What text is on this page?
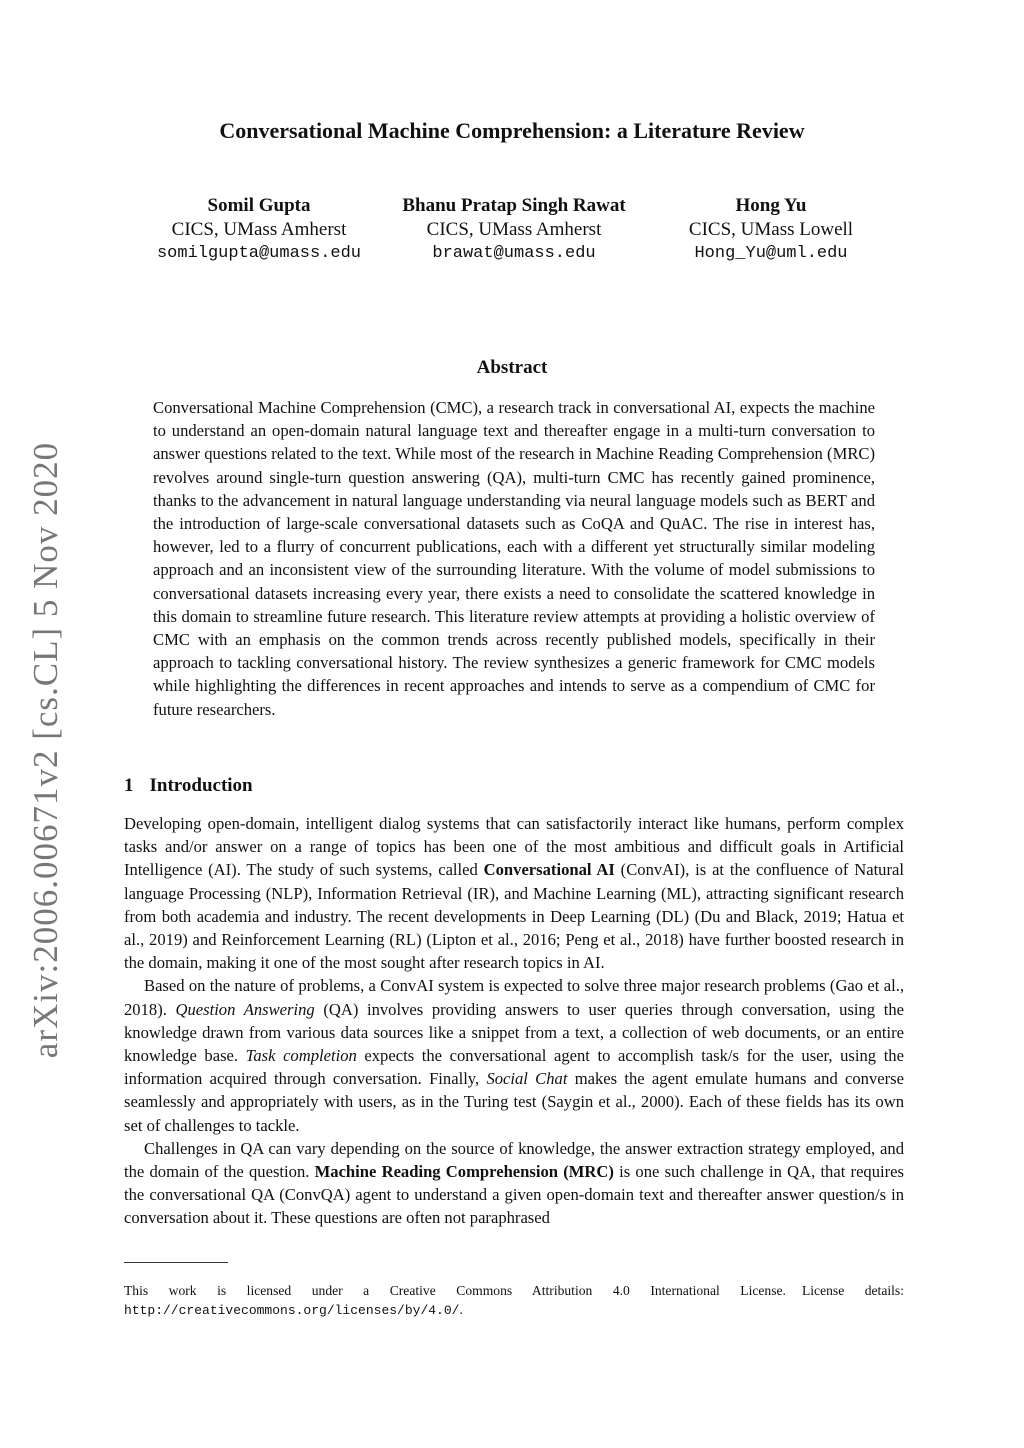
arXiv:2006.00671v2 [cs.CL] 5 Nov 2020
Conversational Machine Comprehension: a Literature Review
Somil Gupta
CICS, UMass Amherst
somilgupta@umass.edu
Bhanu Pratap Singh Rawat
CICS, UMass Amherst
brawat@umass.edu
Hong Yu
CICS, UMass Lowell
Hong_Yu@uml.edu
Abstract

Conversational Machine Comprehension (CMC), a research track in conversational AI, expects the machine to understand an open-domain natural language text and thereafter engage in a multi-turn conversation to answer questions related to the text. While most of the research in Machine Reading Comprehension (MRC) revolves around single-turn question answering (QA), multi-turn CMC has recently gained prominence, thanks to the advancement in natural language understanding via neural language models such as BERT and the introduction of large-scale conversational datasets such as CoQA and QuAC. The rise in interest has, however, led to a flurry of concurrent publications, each with a different yet structurally similar modeling approach and an inconsistent view of the surrounding literature. With the volume of model submissions to conversational datasets increasing every year, there exists a need to consolidate the scattered knowledge in this domain to streamline future research. This literature review attempts at providing a holistic overview of CMC with an emphasis on the common trends across recently published models, specifically in their approach to tackling conversational history. The review synthesizes a generic framework for CMC models while highlighting the differences in recent approaches and intends to serve as a compendium of CMC for future researchers.

1 Introduction

Developing open-domain, intelligent dialog systems that can satisfactorily interact like humans, perform complex tasks and/or answer on a range of topics has been one of the most ambitious and difficult goals in Artificial Intelligence (AI). The study of such systems, called Conversational AI (ConvAI), is at the confluence of Natural language Processing (NLP), Information Retrieval (IR), and Machine Learning (ML), attracting significant research from both academia and industry. The recent developments in Deep Learning (DL) (Du and Black, 2019; Hatua et al., 2019) and Reinforcement Learning (RL) (Lipton et al., 2016; Peng et al., 2018) have further boosted research in the domain, making it one of the most sought after research topics in AI.

Based on the nature of problems, a ConvAI system is expected to solve three major research problems (Gao et al., 2018). Question Answering (QA) involves providing answers to user queries through conversation, using the knowledge drawn from various data sources like a snippet from a text, a collection of web documents, or an entire knowledge base. Task completion expects the conversational agent to accomplish task/s for the user, using the information acquired through conversation. Finally, Social Chat makes the agent emulate humans and converse seamlessly and appropriately with users, as in the Turing test (Saygin et al., 2000). Each of these fields has its own set of challenges to tackle.

Challenges in QA can vary depending on the source of knowledge, the answer extraction strategy employed, and the domain of the question. Machine Reading Comprehension (MRC) is one such challenge in QA, that requires the conversational QA (ConvQA) agent to understand a given open-domain text and thereafter answer question/s in conversation about it. These questions are often not paraphrased

This work is licensed under a Creative Commons Attribution 4.0 International License. License details: http://creativecommons.org/licenses/by/4.0/.
